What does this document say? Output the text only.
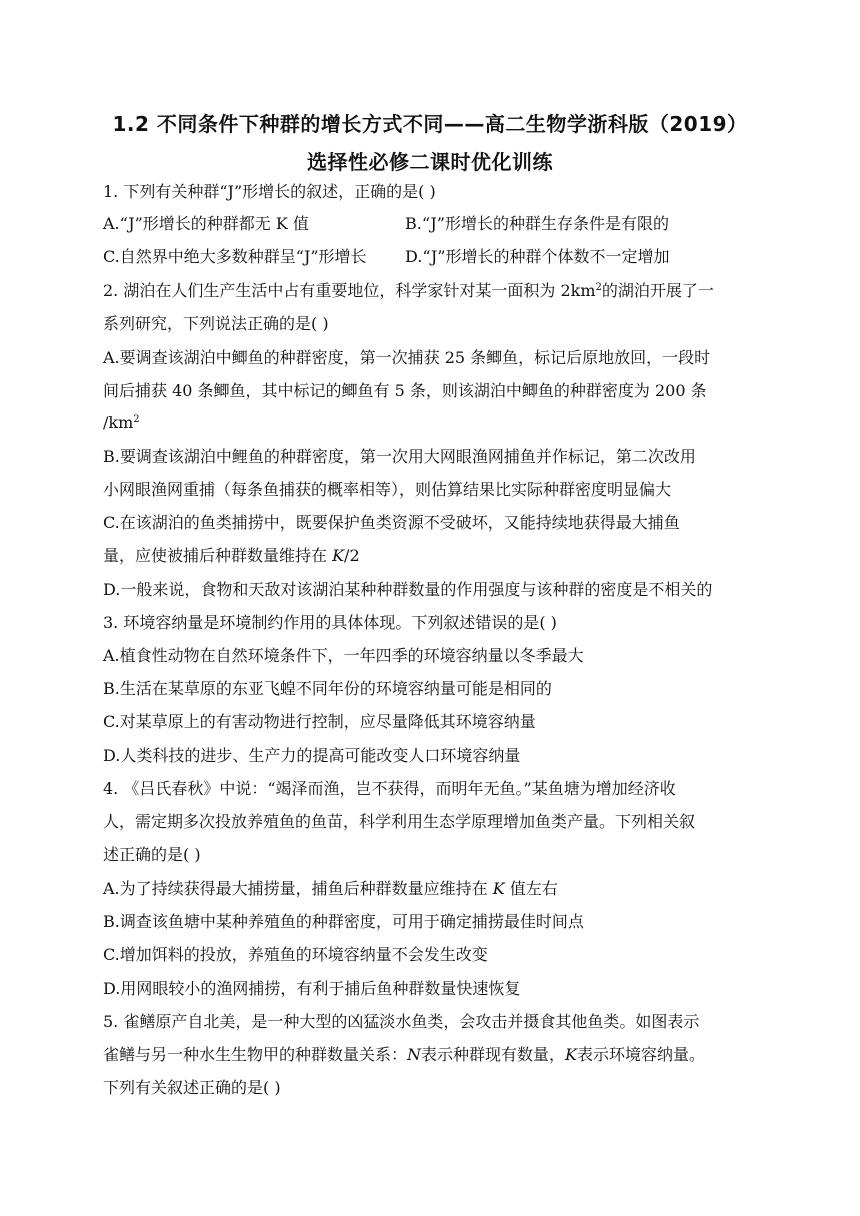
1.2 不同条件下种群的增长方式不同——高二生物学浙科版（2019）
选择性必修二课时优化训练
1. 下列有关种群“J”形增长的叙述，正确的是( )
A.“J”形增长的种群都无 K 值	B.“J”形增长的种群生存条件是有限的
C.自然界中绝大多数种群呈“J”形增长 D.“J”形增长的种群个体数不一定增加
2. 湖泊在人们生产生活中占有重要地位，科学家针对某一面积为 $2km^2$的湖泊开展了一
系列研究，下列说法正确的是( )
A.要调查该湖泊中鲫鱼的种群密度，第一次捕获 25 条鲫鱼，标记后原地放回，一段时
间后捕获 40 条鲫鱼，其中标记的鲫鱼有 5 条，则该湖泊中鲫鱼的种群密度为 200 条
$/km^2$
B.要调查该湖泊中鲤鱼的种群密度，第一次用大网眼渔网捕鱼并作标记，第二次改用
小网眼渔网重捕（每条鱼捕获的概率相等），则估算结果比实际种群密度明显偏大
C.在该湖泊的鱼类捕捞中，既要保护鱼类资源不受破坏，又能持续地获得最大捕鱼
量，应使被捕后种群数量维持在 K/2
D.一般来说，食物和天敌对该湖泊某种种群数量的作用强度与该种群的密度是不相关的
3. 环境容纳量是环境制约作用的具体体现。下列叙述错误的是( )
A.植食性动物在自然环境条件下，一年四季的环境容纳量以冬季最大
B.生活在某草原的东亚飞蝗不同年份的环境容纳量可能是相同的
C.对某草原上的有害动物进行控制，应尽量降低其环境容纳量
D.人类科技的进步、生产力的提高可能改变人口环境容纳量
4. 《吕氏春秋》中说：“竭泽而渔，岂不获得，而明年无鱼。”某鱼塘为增加经济收
人，需定期多次投放养殖鱼的鱼苗，科学利用生态学原理增加鱼类产量。下列相关叙
述正确的是( )
A.为了持续获得最大捕捞量，捕鱼后种群数量应维持在 K 值左右
B.调查该鱼塘中某种养殖鱼的种群密度，可用于确定捕捞最佳时间点
C.增加饵料的投放，养殖鱼的环境容纳量不会发生改变
D.用网眼较小的渔网捕捞，有利于捕后鱼种群数量快速恢复
5. 雀鳝原产自北美，是一种大型的凶猛淡水鱼类，会攻击并摄食其他鱼类。如图表示
雀鳝与另一种水生生物甲的种群数量关系：N表示种群现有数量，K表示环境容纳量。
下列有关叙述正确的是( )
